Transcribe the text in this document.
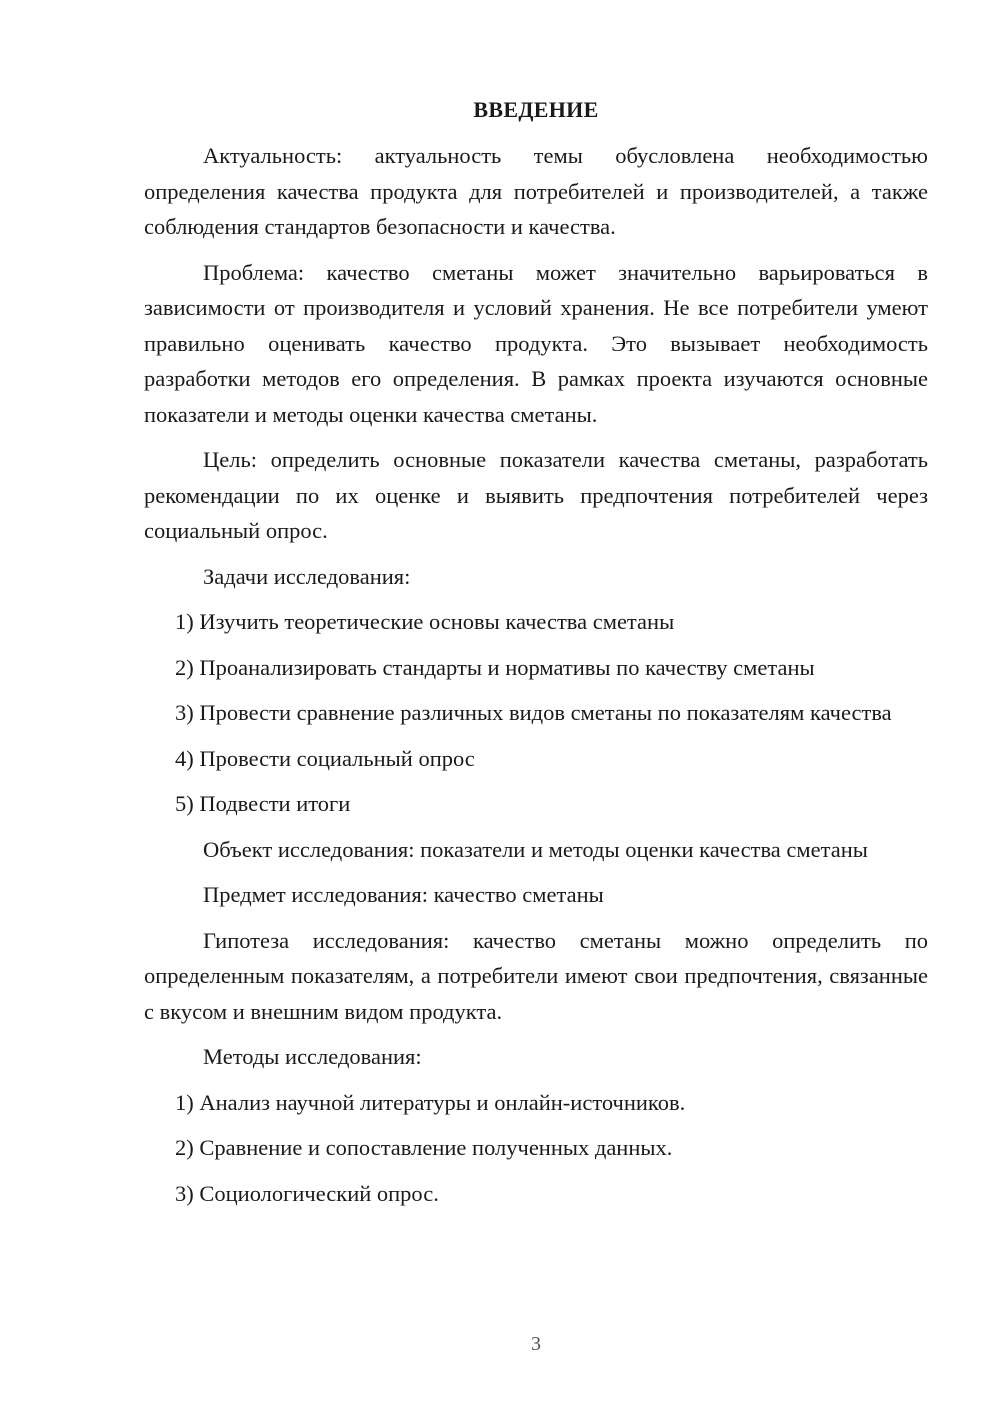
ВВЕДЕНИЕ

Актуальность: актуальность темы обусловлена необходимостью определения качества продукта для потребителей и производителей, а также соблюдения стандартов безопасности и качества.

Проблема: качество сметаны может значительно варьироваться в зависимости от производителя и условий хранения. Не все потребители умеют правильно оценивать качество продукта. Это вызывает необходимость разработки методов его определения. В рамках проекта изучаются основные показатели и методы оценки качества сметаны.

Цель: определить основные показатели качества сметаны, разработать рекомендации по их оценке и выявить предпочтения потребителей через социальный опрос.

Задачи исследования:

1) Изучить теоретические основы качества сметаны

2) Проанализировать стандарты и нормативы по качеству сметаны

3) Провести сравнение различных видов сметаны по показателям качества

4) Провести социальный опрос

5) Подвести итоги

Объект исследования: показатели и методы оценки качества сметаны

Предмет исследования: качество сметаны

Гипотеза исследования: качество сметаны можно определить по определенным показателям, а потребители имеют свои предпочтения, связанные с вкусом и внешним видом продукта.

Методы исследования:

1) Анализ научной литературы и онлайн-источников.

2) Сравнение и сопоставление полученных данных.

3) Социологический опрос.

3
